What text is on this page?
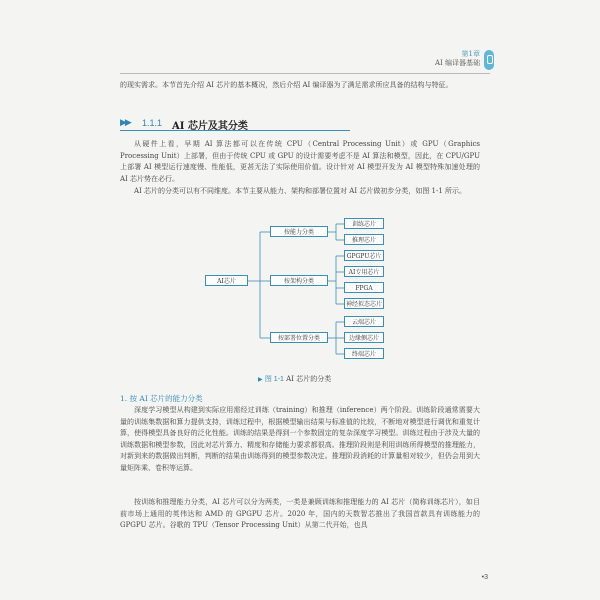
第1章
AI 编译器基础

的现实需求。本节首先介绍 AI 芯片的基本概况，然后介绍 AI 编译器为了满足需求所应具备的结构与特征。

▶▶ 1.1.1 AI 芯片及其分类

从硬件上看，早期 AI 算法都可以在传统 CPU（Central Processing Unit）或 GPU（Graphics Processing Unit）上部署，但由于传统 CPU 或 GPU 的设计需要考虑不是 AI 算法和模型，因此，在 CPU/GPU 上部署 AI 模型运行速度慢、性能低，更甚无法了实际使用价值。设计针对 AI 模型开发为 AI 模型特殊加速处理的 AI 芯片势在必行。

AI 芯片的分类可以有不同维度。本节主要从能力、架构和部署位置对 AI 芯片做初步分类，如图 1-1 所示。

AI芯片
按能力分类
按架构分类
按部署位置分类
训练芯片
推理芯片
GPGPU芯片
AI专用芯片
FPGA
神经拟态芯片
云端芯片
边缘侧芯片
终端芯片
▶ 图 1-1 AI 芯片的分类
1. 按 AI 芯片的能力分类

深度学习模型从构建到实际应用需经过训练（training）和推理（inference）两个阶段。训练阶段通常需要大量的训练集数据和算力提供支持，训练过程中，根据模型输出结果与标准值的比较，不断地对模型进行调优和重复计算，使得模型具备良好的泛化性能。训练的结果是得到一个参数固定的复杂深度学习模型。训练过程由于涉及大量的训练数据和模型参数，因此对芯片算力、精度和存储能力要求都很高。推理阶段则是利用训练所得模型的推理能力，对新到来的数据做出判断，判断的结果由训练得到的模型参数决定。推理阶段消耗的计算量相对较少，但仍会用到大量矩阵乘、卷积等运算。

按训练和推理能力分类，AI 芯片可以分为两类，一类是兼顾训练和推理能力的 AI 芯片（简称训练芯片），如目前市场上通用的英伟达和 AMD 的 GPGPU 芯片。2020 年，国内的天数智芯推出了我国首款具有训练能力的 GPGPU 芯片。谷歌的 TPU（Tensor Processing Unit）从第二代开始，也具

•3
